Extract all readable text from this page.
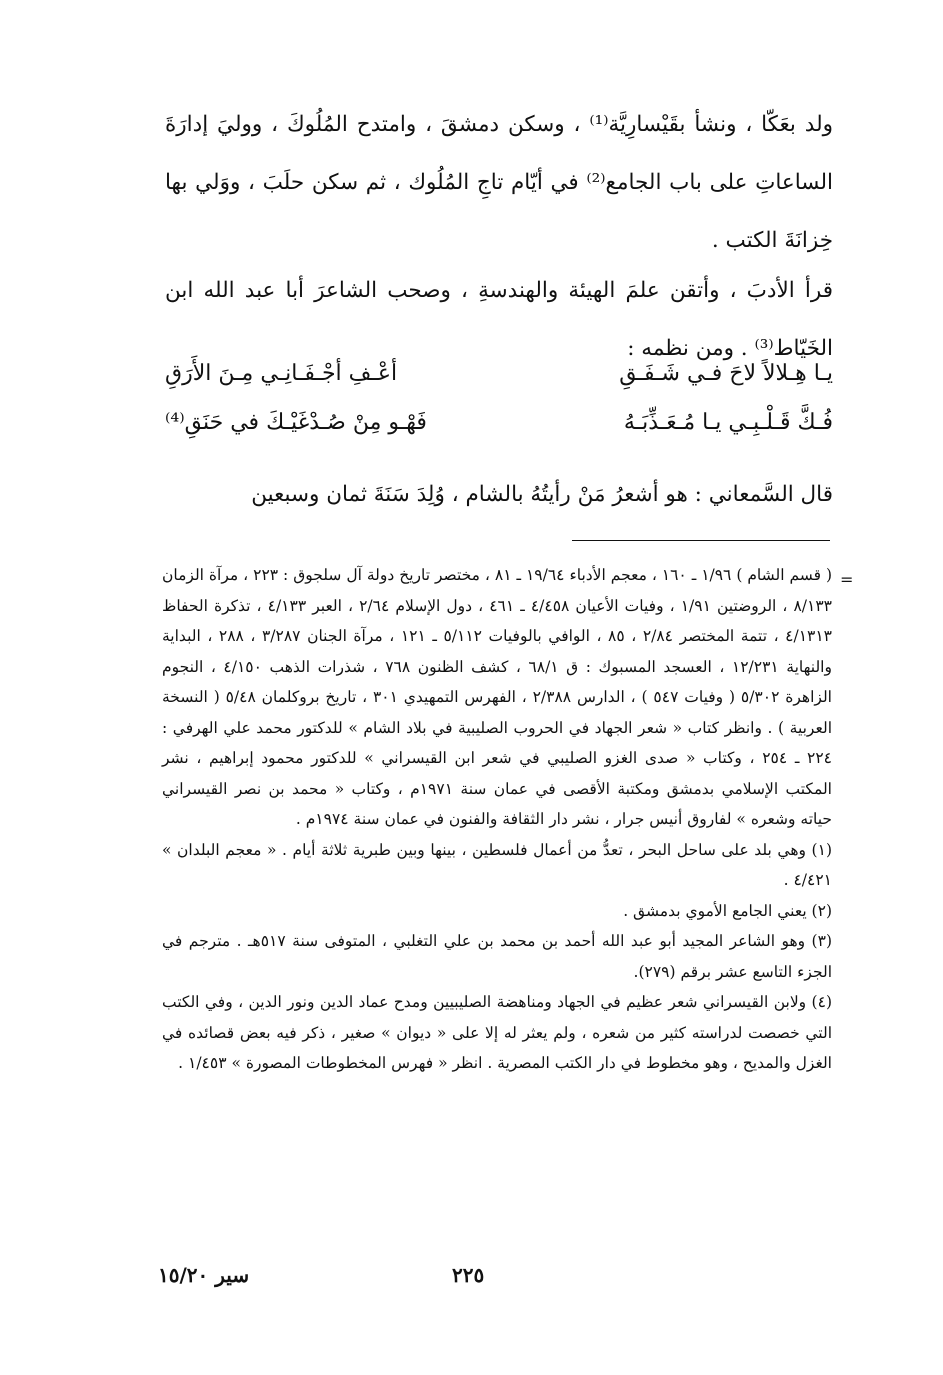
ولد بعَكّا ، ونشأ بقَيْسارِيَّة⁽¹⁾ ، وسكن دمشقَ ، وامتدح المُلُوكَ ، ووليَ إدارَةَ الساعاتِ على باب الجامع⁽²⁾ في أيّام تاجِ المُلُوك ، ثم سكن حلَبَ ، ووَلي بها خِزانَةَ الكتب .

قرأ الأدبَ ، وأتقن علمَ الهيئة والهندسةِ ، وصحب الشاعرَ أبا عبد الله ابن الخَيّاط⁽³⁾ . ومن نظمه :

يـا هِـلالاً لاحَ فـي شَـفَـقِ
أعْـفِ أجْـفَـانِـي مِـنَ الأَرَقِ
فُـكَّ قَـلْـبِـي يـا مُـعَـذِّبَـهُ
فَهْـو مِنْ صُـدْغَيْـكَ في حَنَقِ⁽⁴⁾

قال السَّمعاني : هو أشعرُ مَنْ رأيتُهُ بالشام ، وُلِدَ سَنَةَ ثمان وسبعين

=

( قسم الشام ) ١/٩٦ ـ ١٦٠ ، معجم الأدباء ١٩/٦٤ ـ ٨١ ، مختصر تاريخ دولة آل سلجوق : ٢٢٣ ، مرآة الزمان ٨/١٣٣ ، الروضتين ١/٩١ ، وفيات الأعيان ٤/٤٥٨ ـ ٤٦١ ، دول الإسلام ٢/٦٤ ، العبر ٤/١٣٣ ، تذكرة الحفاظ ٤/١٣١٣ ، تتمة المختصر ٢/٨٤ ، ٨٥ ، الوافي بالوفيات ٥/١١٢ ـ ١٢١ ، مرآة الجنان ٣/٢٨٧ ، ٢٨٨ ، البداية والنهاية ١٢/٢٣١ ، العسجد المسبوك : ق ٦٨/١ ، كشف الظنون ٧٦٨ ، شذرات الذهب ٤/١٥٠ ، النجوم الزاهرة ٥/٣٠٢ ( وفيات ٥٤٧ ) ، الدارس ٢/٣٨٨ ، الفهرس التمهيدي ٣٠١ ، تاريخ بروكلمان ٥/٤٨ ( النسخة العربية ) . وانظر كتاب « شعر الجهاد في الحروب الصليبية في بلاد الشام » للدكتور محمد علي الهرفي : ٢٢٤ ـ ٢٥٤ ، وكتاب « صدى الغزو الصليبي في شعر ابن القيسراني » للدكتور محمود إبراهيم ، نشر المكتب الإسلامي بدمشق ومكتبة الأقصى في عمان سنة ١٩٧١م ، وكتاب « محمد بن نصر القيسراني حياته وشعره » لفاروق أنيس جرار ، نشر دار الثقافة والفنون في عمان سنة ١٩٧٤م .

(١) وهي بلد على ساحل البحر ، تعدُّ من أعمال فلسطين ، بينها وبين طبرية ثلاثة أيام . « معجم البلدان » ٤/٤٢١ .

(٢) يعني الجامع الأموي بدمشق .

(٣) وهو الشاعر المجيد أبو عبد الله أحمد بن محمد بن علي التغلبي ، المتوفى سنة ٥١٧هـ . مترجم في الجزء التاسع عشر برقم (٢٧٩).

(٤) ولابن القيسراني شعر عظيم في الجهاد ومناهضة الصليبيين ومدح عماد الدين ونور الدين ، وفي الكتب التي خصصت لدراسته كثير من شعره ، ولم يعثر له إلا على « ديوان » صغير ، ذكر فيه بعض قصائده في الغزل والمديح ، وهو مخطوط في دار الكتب المصرية . انظر « فهرس المخطوطات المصورة » ١/٤٥٣ .

٢٢٥
سير ١٥/٢٠
